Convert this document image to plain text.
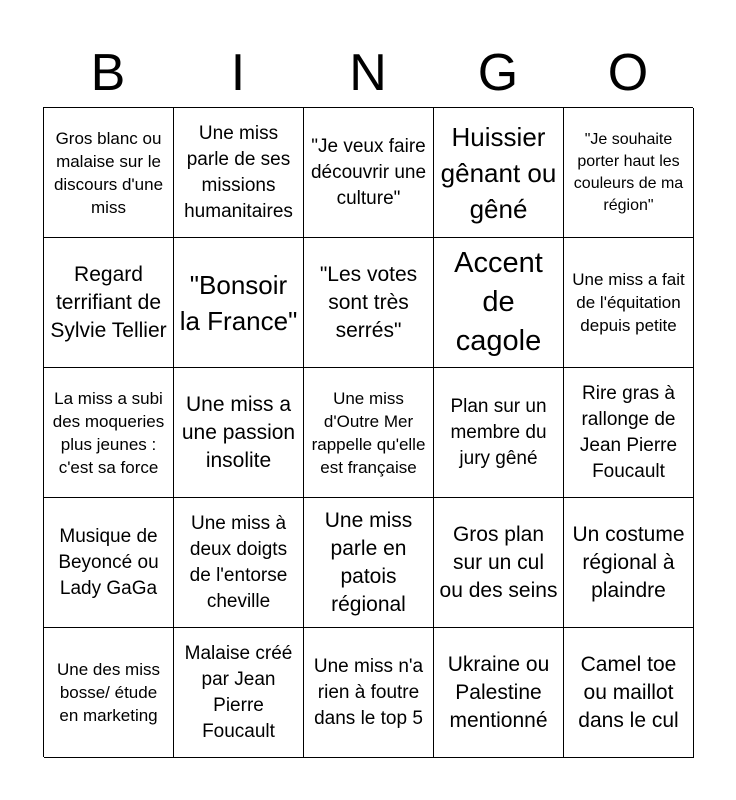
B	I	N	G	O
Gros blanc ou malaise sur le discours d'une miss
Une miss parle de ses missions humanitaires
"Je veux faire découvrir une culture"
Huissier gênant ou gêné
"Je souhaite porter haut les couleurs de ma région"
Regard terrifiant de Sylvie Tellier
"Bonsoir la France"
"Les votes sont très serrés"
Accent de cagole
Une miss a fait de l'équitation depuis petite
La miss a subi des moqueries plus jeunes : c'est sa force
Une miss a une passion insolite
Une miss d'Outre Mer rappelle qu'elle est française
Plan sur un membre du jury gêné
Rire gras à rallonge de Jean Pierre Foucault
Musique de Beyoncé ou Lady GaGa
Une miss à deux doigts de l'entorse cheville
Une miss parle en patois régional
Gros plan sur un cul ou des seins
Un costume régional à plaindre
Une des miss bosse/ étude en marketing
Malaise créé par Jean Pierre Foucault
Une miss n'a rien à foutre dans le top 5
Ukraine ou Palestine mentionné
Camel toe ou maillot dans le cul
